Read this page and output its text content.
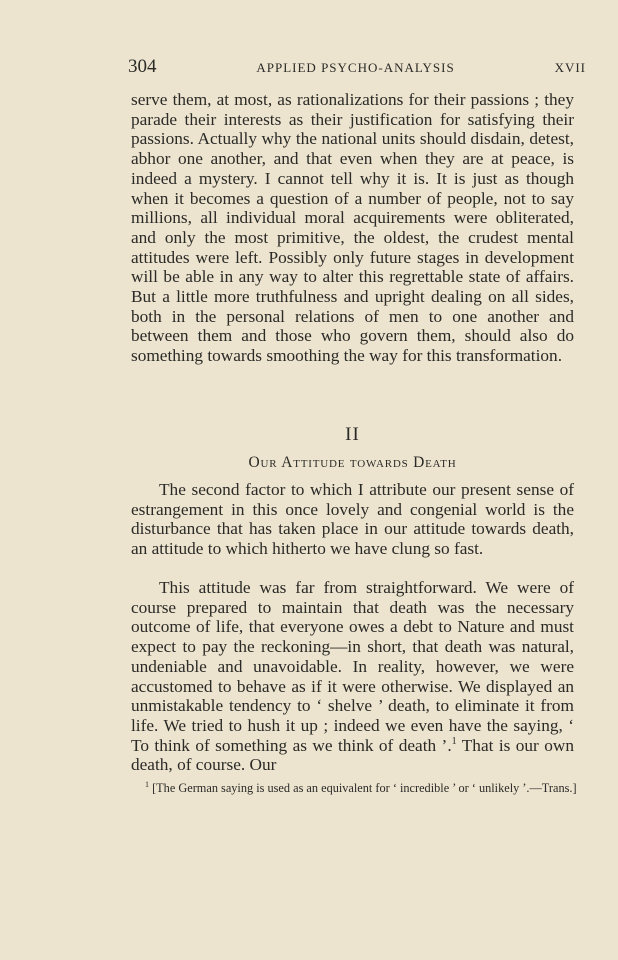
304	APPLIED PSYCHO-ANALYSIS	XVII

serve them, at most, as rationalizations for their passions ; they parade their interests as their justification for satisfying their passions. Actually why the national units should disdain, detest, abhor one another, and that even when they are at peace, is indeed a mystery. I cannot tell why it is. It is just as though when it becomes a question of a number of people, not to say millions, all individual moral acquirements were obliterated, and only the most primitive, the oldest, the crudest mental attitudes were left. Possibly only future stages in development will be able in any way to alter this regrettable state of affairs. But a little more truthfulness and upright dealing on all sides, both in the personal relations of men to one another and between them and those who govern them, should also do something towards smoothing the way for this transformation.

II
Our Attitude towards Death

The second factor to which I attribute our present sense of estrangement in this once lovely and congenial world is the disturbance that has taken place in our attitude towards death, an attitude to which hitherto we have clung so fast.

This attitude was far from straightforward. We were of course prepared to maintain that death was the necessary outcome of life, that everyone owes a debt to Nature and must expect to pay the reckoning—in short, that death was natural, undeniable and unavoidable. In reality, however, we were accustomed to behave as if it were otherwise. We displayed an unmistakable tendency to ‘ shelve ’ death, to eliminate it from life. We tried to hush it up ; indeed we even have the saying, ‘ To think of something as we think of death ’.$^1$ That is our own death, of course. Our

$^1$ [The German saying is used as an equivalent for ‘ incredible ’ or ‘ unlikely ’.—Trans.]
